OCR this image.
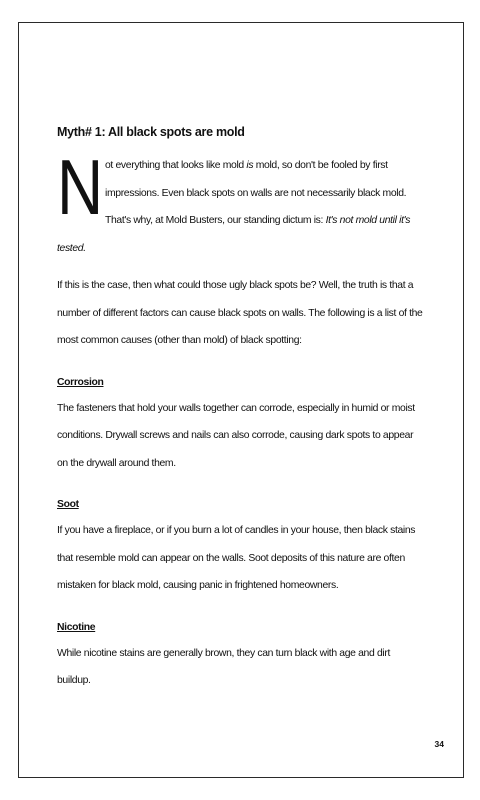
Myth# 1: All black spots are mold

Not everything that looks like mold is mold, so don't be fooled by first impressions. Even black spots on walls are not necessarily black mold. That's why, at Mold Busters, our standing dictum is: It's not mold until it's tested.

If this is the case, then what could those ugly black spots be? Well, the truth is that a number of different factors can cause black spots on walls. The following is a list of the most common causes (other than mold) of black spotting:

Corrosion

The fasteners that hold your walls together can corrode, especially in humid or moist conditions. Drywall screws and nails can also corrode, causing dark spots to appear on the drywall around them.

Soot

If you have a fireplace, or if you burn a lot of candles in your house, then black stains that resemble mold can appear on the walls. Soot deposits of this nature are often mistaken for black mold, causing panic in frightened homeowners.

Nicotine

While nicotine stains are generally brown, they can turn black with age and dirt buildup.

34
